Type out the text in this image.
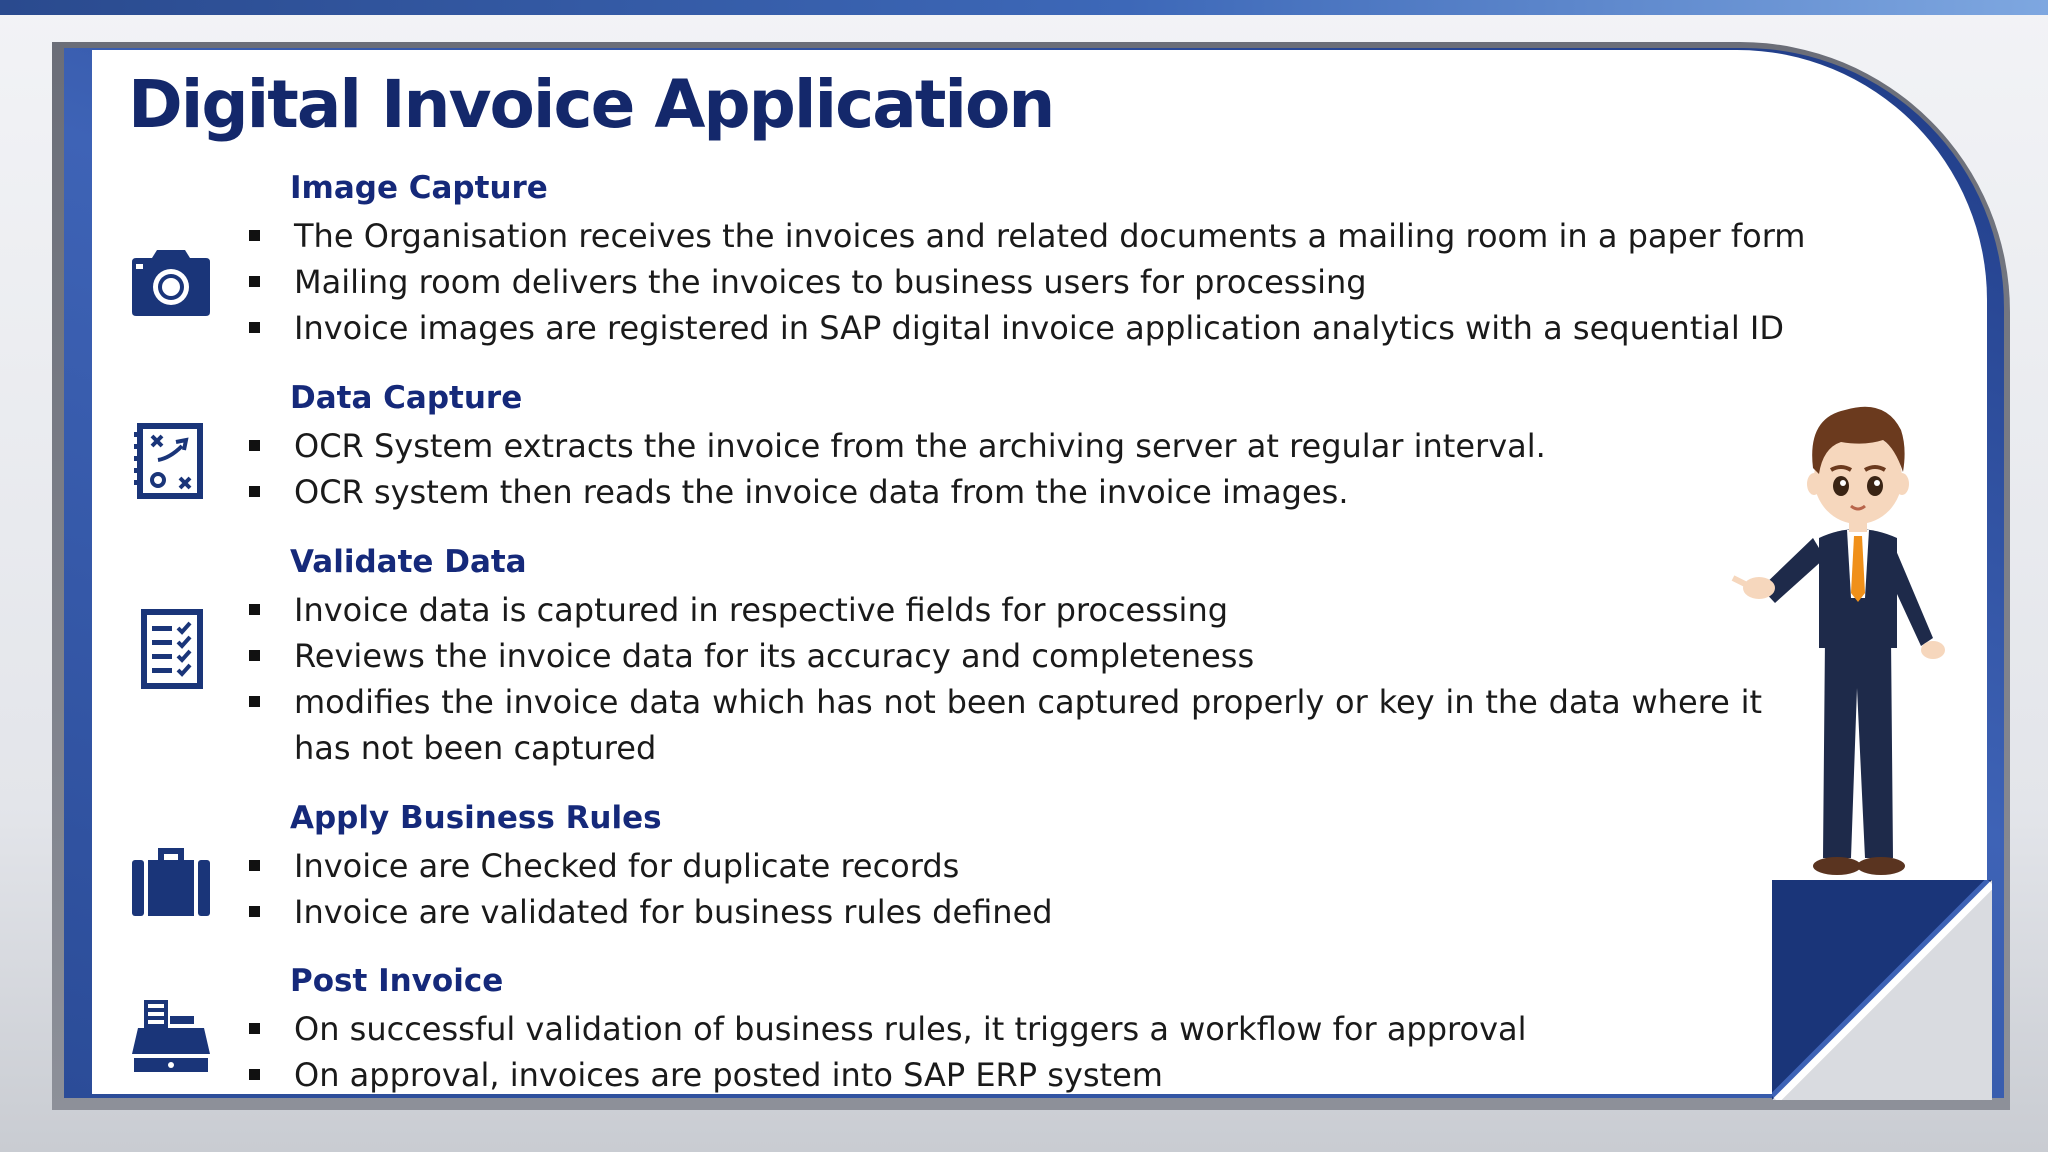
Digital Invoice Application
Image Capture
The Organisation receives the invoices and related documents a mailing room in a paper form
Mailing room delivers the invoices to business users for processing
Invoice images are registered in SAP digital invoice application analytics with a sequential ID
Data Capture
OCR System extracts the invoice from the archiving server at regular interval.
OCR system then reads the invoice data from the invoice images.
Validate Data
Invoice data is captured in respective fields for processing
Reviews the invoice data for its accuracy and completeness
modifies the invoice data which has not been captured properly or key in the data where it has not been captured
Apply Business Rules
Invoice are Checked for duplicate records
Invoice are validated for business rules defined
Post Invoice
On successful validation of business rules, it triggers a workflow for approval
On approval, invoices are posted into SAP ERP system
